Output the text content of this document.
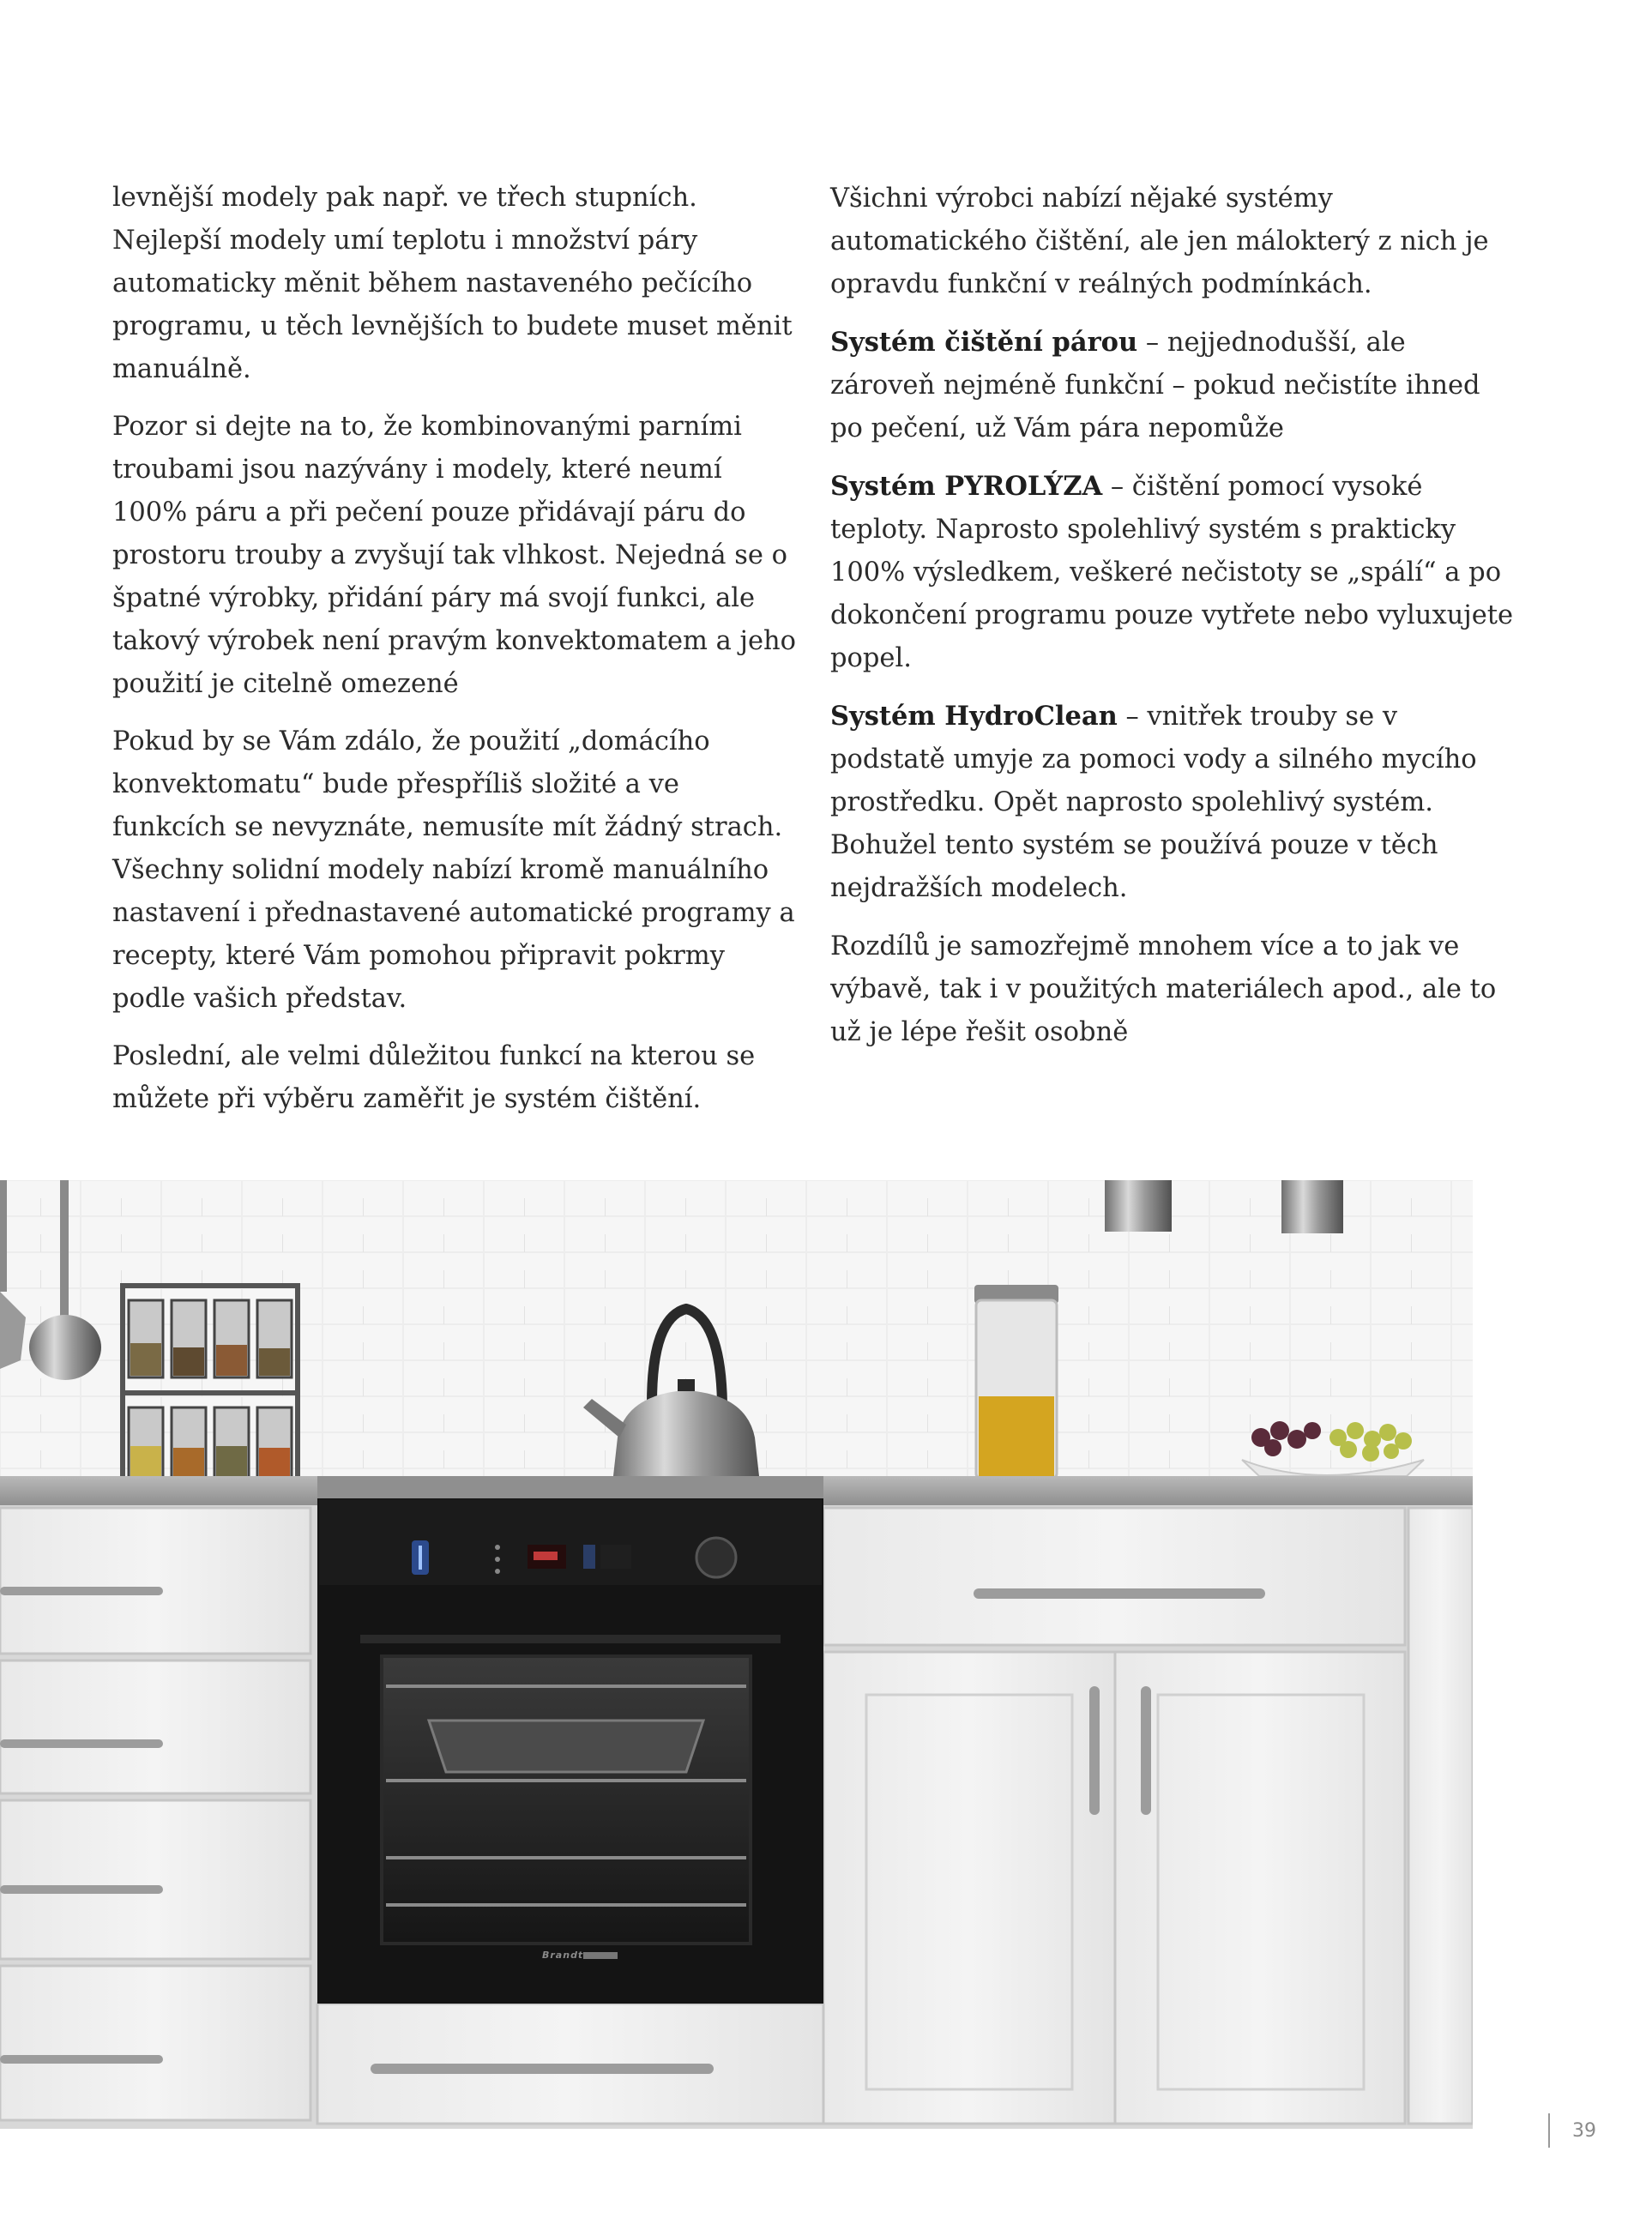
levnější modely pak např. ve třech stupních. Nejlepší modely umí teplotu i množství páry automaticky měnit během nastaveného pečícího programu, u těch levnějších to budete muset měnit manuálně.

Pozor si dejte na to, že kombinovanými parními troubami jsou nazývány i modely, které neumí 100% páru a při pečení pouze přidávají páru do prostoru trouby a zvyšují tak vlhkost. Nejedná se o špatné výrobky, přidání páry má svojí funkci, ale takový výrobek není pravým konvektomatem a jeho použití je citelně omezené

Pokud by se Vám zdálo, že použití „domácího konvektomatu“ bude přespříliš složité a ve funkcích se nevyznáte, nemusíte mít žádný strach. Všechny solidní modely nabízí kromě manuálního nastavení i přednastavené automatické programy a recepty, které Vám pomohou připravit pokrmy podle vašich představ.

Poslední, ale velmi důležitou funkcí na kterou se můžete při výběru zaměřit je systém čištění.

Všichni výrobci nabízí nějaké systémy automatického čištění, ale jen málokterý z nich je opravdu funkční v reálných podmínkách.

Systém čištění párou – nejjednodušší, ale zároveň nejméně funkční – pokud nečistíte ihned po pečení, už Vám pára nepomůže

Systém PYROLÝZA – čištění pomocí vysoké teploty. Naprosto spolehlivý systém s prakticky 100% výsledkem, veškeré nečistoty se „spálí“ a po dokončení programu pouze vytřete nebo vyluxujete popel.

Systém HydroClean – vnitřek trouby se v podstatě umyje za pomoci vody a silného mycího prostředku. Opět naprosto spolehlivý systém. Bohužel tento systém se používá pouze v těch nejdražších modelech.

Rozdílů je samozřejmě mnohem více a to jak ve výbavě, tak i v použitých materiálech apod., ale to už je lépe řešit osobně

Brandt
39
